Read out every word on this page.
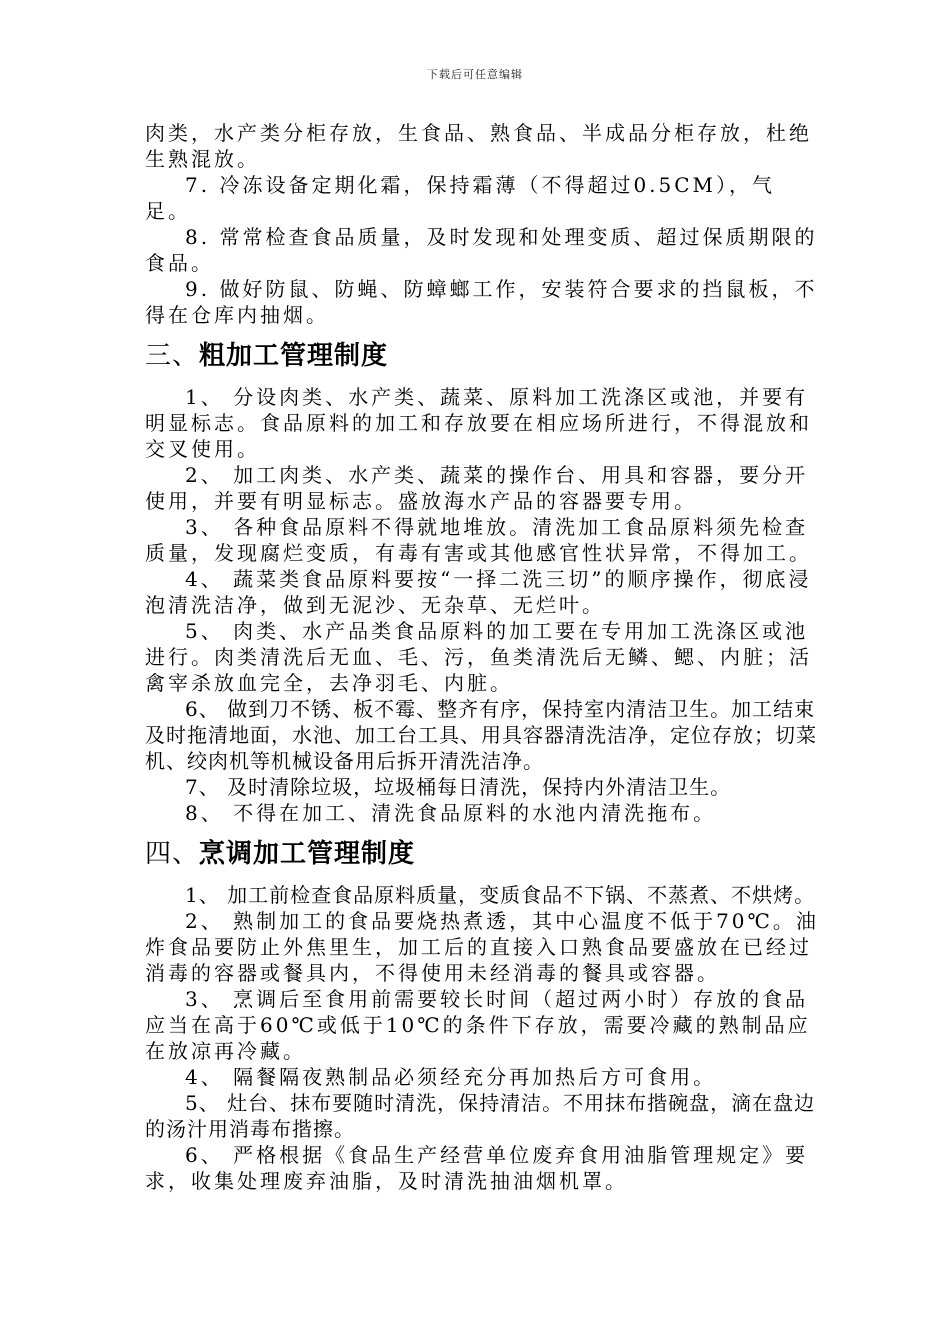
下载后可任意编辑

肉类，水产类分柜存放，生食品、熟食品、半成品分柜存放，杜绝生熟混放。

7. 冷冻设备定期化霜，保持霜薄（不得超过0.5CM），气足。

8. 常常检查食品质量，及时发现和处理变质、超过保质期限的食品。

9. 做好防鼠、防蝇、防蟑螂工作，安装符合要求的挡鼠板，不得在仓库内抽烟。

三、粗加工管理制度

1、 分设肉类、水产类、蔬菜、原料加工洗涤区或池，并要有明显标志。食品原料的加工和存放要在相应场所进行，不得混放和交叉使用。

2、 加工肉类、水产类、蔬菜的操作台、用具和容器，要分开使用，并要有明显标志。盛放海水产品的容器要专用。

3、 各种食品原料不得就地堆放。清洗加工食品原料须先检查质量，发现腐烂变质，有毒有害或其他感官性状异常，不得加工。

4、 蔬菜类食品原料要按“一择二洗三切”的顺序操作，彻底浸泡清洗洁净，做到无泥沙、无杂草、无烂叶。

5、 肉类、水产品类食品原料的加工要在专用加工洗涤区或池进行。肉类清洗后无血、毛、污，鱼类清洗后无鳞、鳃、内脏；活禽宰杀放血完全，去净羽毛、内脏。

6、 做到刀不锈、板不霉、整齐有序，保持室内清洁卫生。加工结束及时拖清地面，水池、加工台工具、用具容器清洗洁净，定位存放；切菜机、绞肉机等机械设备用后拆开清洗洁净。

7、 及时清除垃圾，垃圾桶每日清洗，保持内外清洁卫生。

8、 不得在加工、清洗食品原料的水池内清洗拖布。

四、烹调加工管理制度

1、 加工前检查食品原料质量，变质食品不下锅、不蒸煮、不烘烤。

2、 熟制加工的食品要烧热煮透，其中心温度不低于70℃。油炸食品要防止外焦里生，加工后的直接入口熟食品要盛放在已经过消毒的容器或餐具内，不得使用未经消毒的餐具或容器。

3、 烹调后至食用前需要较长时间（超过两小时）存放的食品应当在高于60℃或低于10℃的条件下存放，需要冷藏的熟制品应在放凉再冷藏。

4、 隔餐隔夜熟制品必须经充分再加热后方可食用。

5、 灶台、抹布要随时清洗，保持清洁。不用抹布揩碗盘，滴在盘边的汤汁用消毒布揩擦。

6、 严格根据《食品生产经营单位废弃食用油脂管理规定》要求，收集处理废弃油脂，及时清洗抽油烟机罩。
